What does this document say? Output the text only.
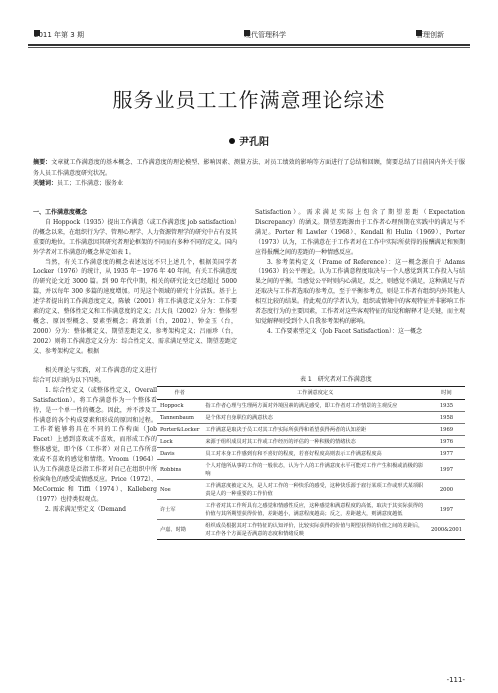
2011 年第 3 期	现代管理科学	管理创新
服务业员工工作满意理论综述
尹孔阳
摘要：文章就工作满意度的基本概念、工作满意度的理论模型、影响因素、测量方法、对员工绩效的影响等方面进行了总结和回顾，简要总结了目前国内外关于服务人员工作满意度研究状况。
关键词：员工；工作满意；服务业

一、工作满意度概念

自 Hoppock（1935）提出工作满意（或工作满意度 job satisfaction）的概念以来，在组织行为学、管理心理学、人力资源管理学的研究中占有及其重要的地位。工作满意因其研究者理论框架的不同而有多种不同的定义。国内外学者对工作满意的概念界定如表 1。

当然，有关工作满意度的概念表述远远不只上述几个，根据美国学者 Locker（1976）的统计，从 1935 年－1976 年 40 年间，有关工作满意度的研究论文近 3000 篇。到 90 年代中期，相关的研究论文已经超过 5000 篇，并以每年 300 多篇的速度增加。可见这个领域的研究十分活跃。基于上述学者提出的工作满意度定义，陈敏（2001）将工作满意定义分为：工作要素的定义、整体性定义和工作满意度的定义；吕大良（2002）分为：整体型概念、原因型概念、要素型概念；蒋致新（台，2002）、钟金玉（台，2000）分为：整体概定义、期望差距定义、参考架构定义；吕丽珍（台，2002）则将工作满意定义分为：综合性定义、需求满足型定义、期望差距定义、参考架构定义。根据

相关理论与实践，对工作满意的定义进行综合可以归纳为以下四类。

1. 综合性定义（或整体性定义，Overall Satisfaction）。将工作满意作为一个整体看待，是一个单一性的概念。因此，并不涉及工作满意的各个构成要素和形成的原因和过程。工作者能够将具在不同的工作构面（Job Facet）上感到喜欢或不喜欢，而形成工作的整体感觉，即个体（工作者）对自己工作所喜欢或不喜欢的感觉和情绪。Vroom（1964）认为工作满意是泛指工作者对自己在组织中所扮演角色的感受或情感反应。Price（1972）、McCormic 和 Tiffi（1974）、Kalleberg（1977）也持类似观点。

2. 需求满足型定义（Demand

Satisfaction）。需求满足实际上包含了期望差距（Expectation Discrepancy）的涵义。期望差距源由于工作者心理预期在实践中的满足与不满足。Porter 和 Lawler（1968）、Kendall 和 Hulin（1969）、Porter（1973）认为，工作满意在于工作者对在工作中实际所获得的报酬满足和预期应得报酬之间的差距的一种情感反应。

3. 参考架构定义（Frame of Reference）：这一概念源自于 Adams（1963）的公平理论。认为工作满意程度取决与一个人感觉到其工作投入与结果之间的平衡。当感觉公平时则内心满足，反之，则感觉不满足，这种满足与否还取决与工作者选取的参考点，至于平衡参考点，则是工作者有组织内外其他人相互比较的结果。持此观点的学者认为，组织或情境中的客观特征并非影响工作者态度行为的主要因素，工作者对这些客观特征的知觉和解释才是关键，而主观知觉解释则受到个人自我参考架构的影响。

4. 工作要素型定义（Job Facet Satisfaction）：这一概念

表 1　研究者对工作满意度
作者	工作满意度定义	时间
Hoppock	指工作者心理与生理两方面对外境因素的满足感受，即工作者对工作情景的主观反应	1935
Tannenbaum	是个体对自身职位的满意状态	1958
Porter&Locker	工作满意是取决于员工对其工作实际所获得和希望获得两者的认知差距	1969
Lock	来源于组织成员对其工作或工作经历的评估的一种积极的情绪状态	1976
Davis	员工对本身工作感到有和不喜好的程度，若喜好程度高则表示工作满意程度高	1977
Robbins	个人对他所从事的工作的一般状态，认为个人的工作满意度水平可能对工作产生积极或消极的影响	1997
Noe	工作满意度被定义为，是人对工作的一种快乐的感受，这种快乐源于雇行某项工作或形式某项职责是人的一种重要的工作价值	2000
许士军	工作者对其工作所具有之感觉和情感性反应，这种感觉和满意程度的高低，取决于其实际获得的价值与其所期望获得价值，差距越小，满意程度越高；反之，差距越大，则满意度越低	1997
卢嘉、时勘	组织成员根据其对工作特征的认知评价，比较实际获得的价值与期望获得的价值之间的差距后，对工作各个方面是否满意的态度和情绪反映	2000&2001
-111-
